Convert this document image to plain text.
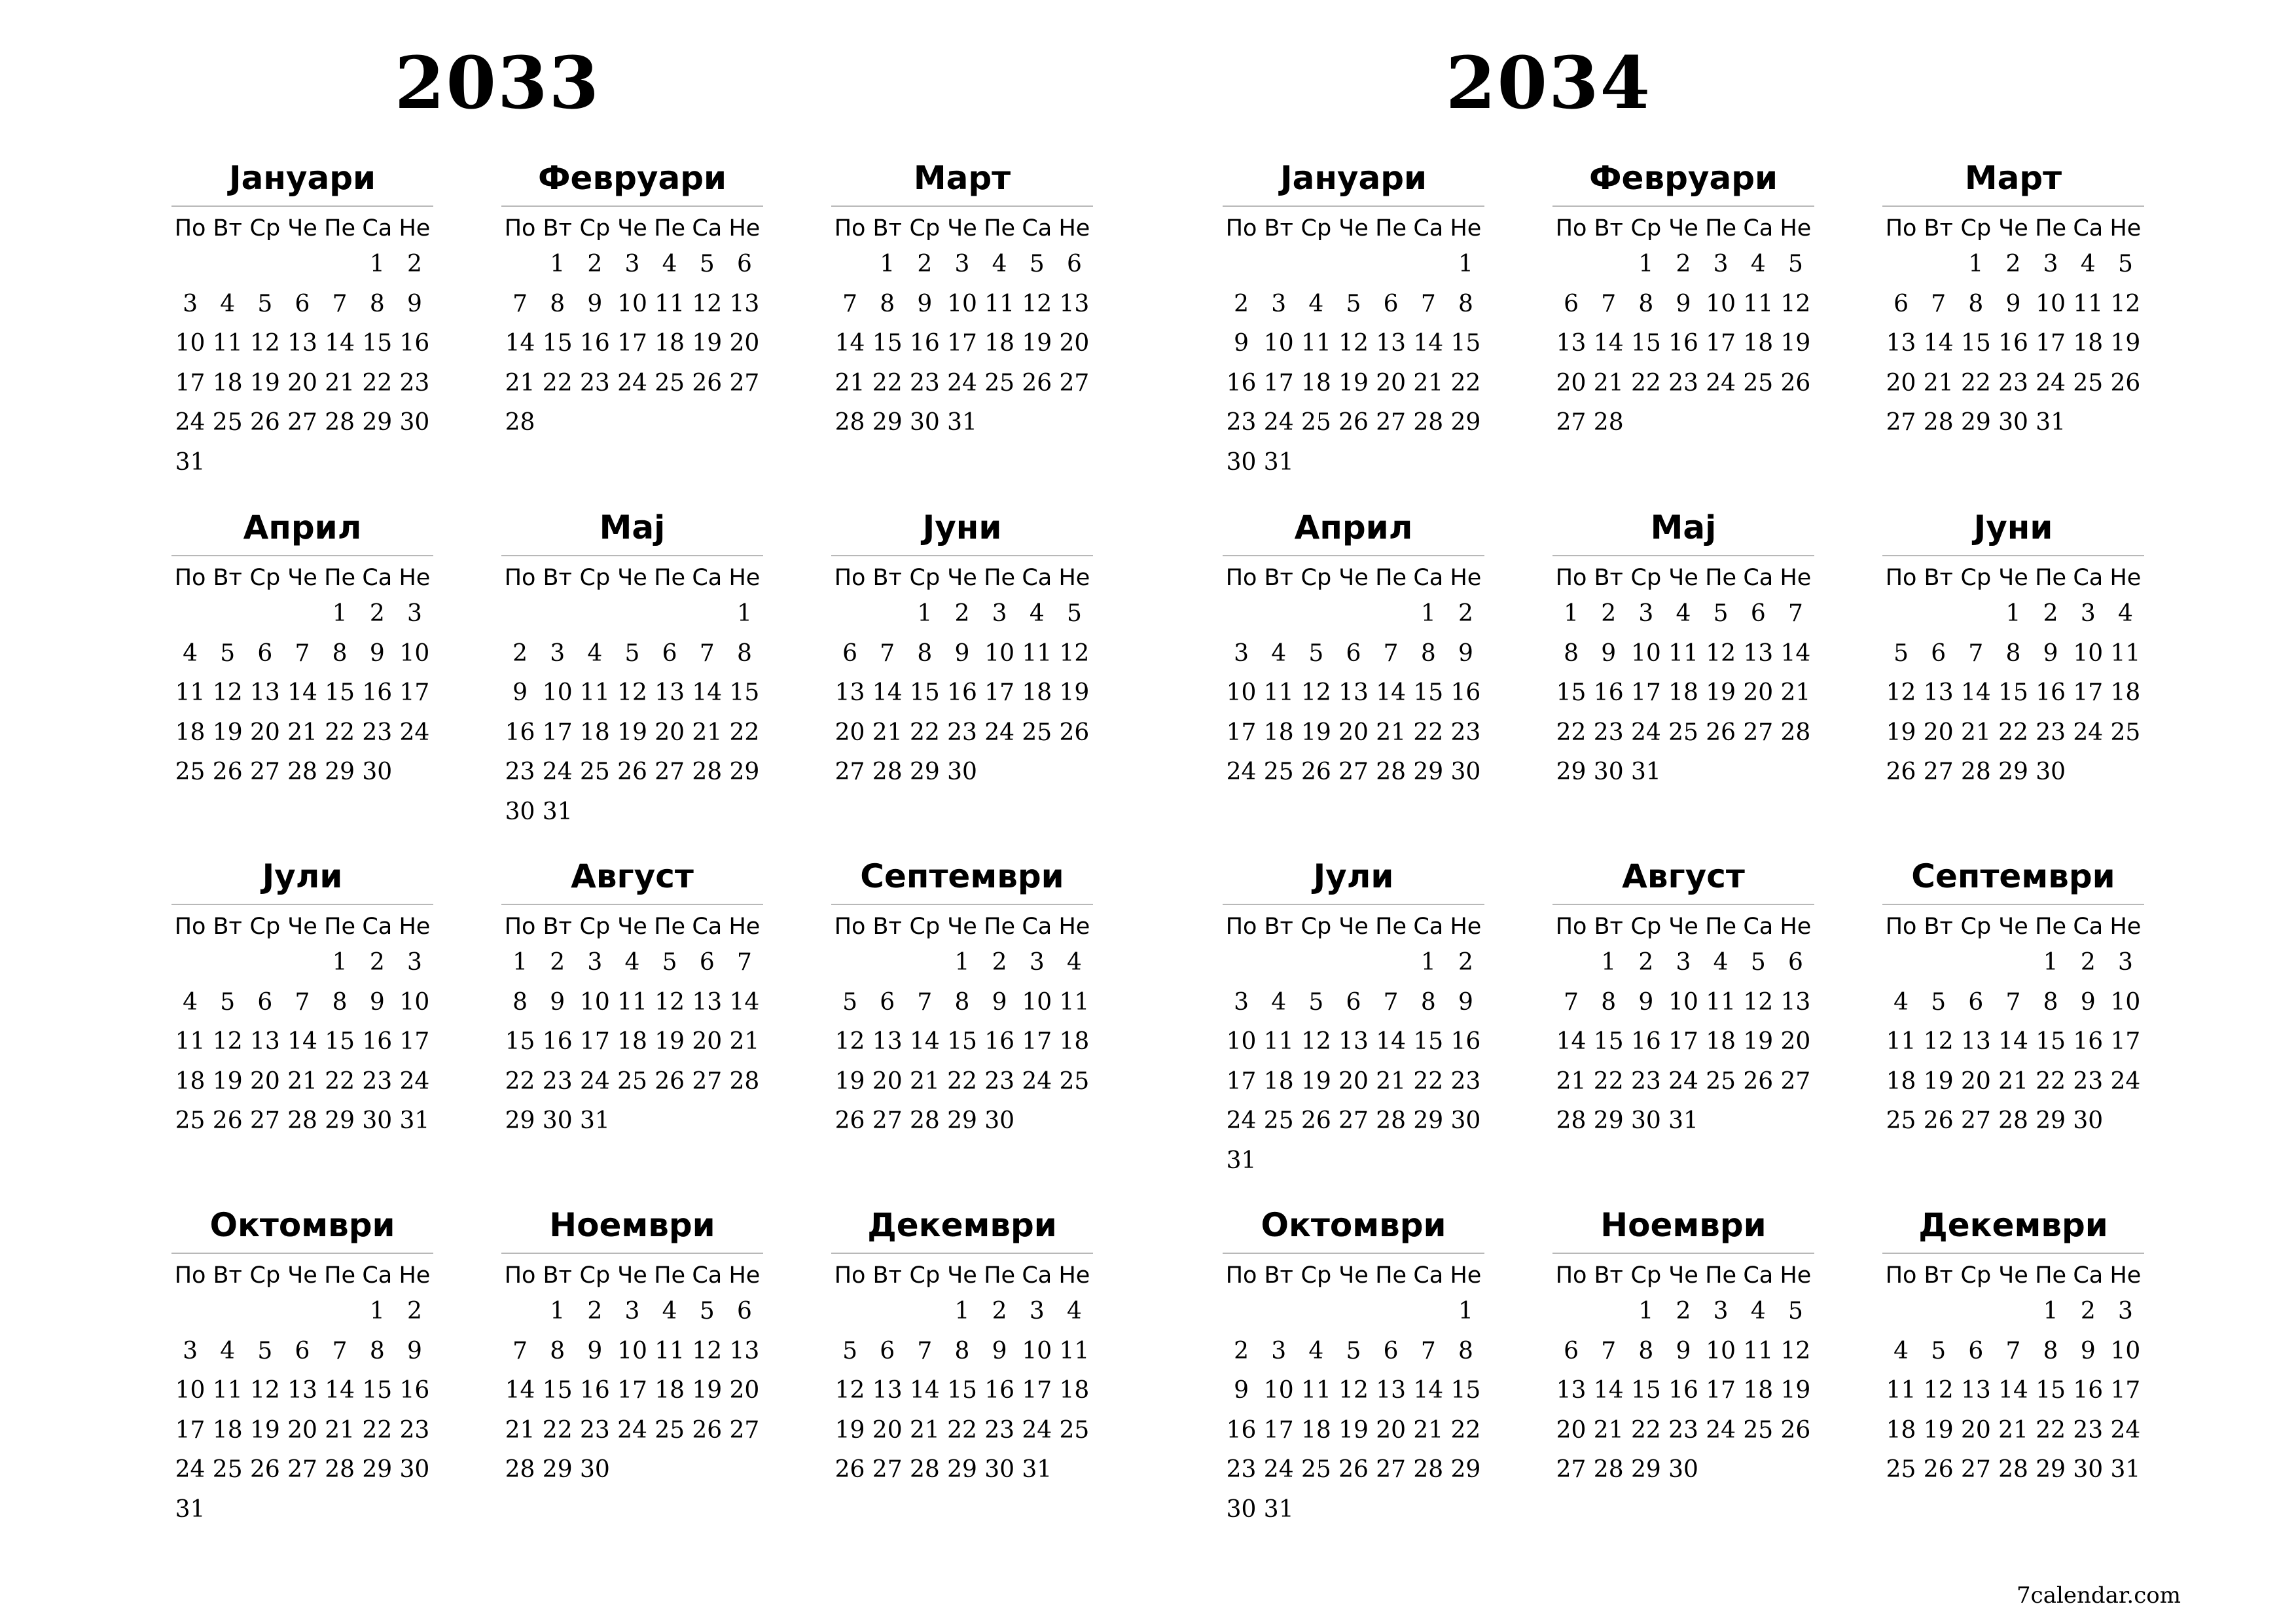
2033
Јануари
По Вт Ср Че Пе Са Не
1 2
3 4 5 6 7 8 9
10 11 12 13 14 15 16
17 18 19 20 21 22 23
24 25 26 27 28 29 30
31
Февруари
По Вт Ср Че Пе Са Не
1 2 3 4 5 6
7 8 9 10 11 12 13
14 15 16 17 18 19 20
21 22 23 24 25 26 27
28
Март
По Вт Ср Че Пе Са Не
1 2 3 4 5 6
7 8 9 10 11 12 13
14 15 16 17 18 19 20
21 22 23 24 25 26 27
28 29 30 31
Април
По Вт Ср Че Пе Са Не
1 2 3
4 5 6 7 8 9 10
11 12 13 14 15 16 17
18 19 20 21 22 23 24
25 26 27 28 29 30
Мај
По Вт Ср Че Пе Са Не
1
2 3 4 5 6 7 8
9 10 11 12 13 14 15
16 17 18 19 20 21 22
23 24 25 26 27 28 29
30 31
Јуни
По Вт Ср Че Пе Са Не
1 2 3 4 5
6 7 8 9 10 11 12
13 14 15 16 17 18 19
20 21 22 23 24 25 26
27 28 29 30
Јули
По Вт Ср Че Пе Са Не
1 2 3
4 5 6 7 8 9 10
11 12 13 14 15 16 17
18 19 20 21 22 23 24
25 26 27 28 29 30 31
Август
По Вт Ср Че Пе Са Не
1 2 3 4 5 6 7
8 9 10 11 12 13 14
15 16 17 18 19 20 21
22 23 24 25 26 27 28
29 30 31
Септември
По Вт Ср Че Пе Са Не
1 2 3 4
5 6 7 8 9 10 11
12 13 14 15 16 17 18
19 20 21 22 23 24 25
26 27 28 29 30
Октомври
По Вт Ср Че Пе Са Не
1 2
3 4 5 6 7 8 9
10 11 12 13 14 15 16
17 18 19 20 21 22 23
24 25 26 27 28 29 30
31
Ноември
По Вт Ср Че Пе Са Не
1 2 3 4 5 6
7 8 9 10 11 12 13
14 15 16 17 18 19 20
21 22 23 24 25 26 27
28 29 30
Декември
По Вт Ср Че Пе Са Не
1 2 3 4
5 6 7 8 9 10 11
12 13 14 15 16 17 18
19 20 21 22 23 24 25
26 27 28 29 30 31
2034
Јануари
По Вт Ср Че Пе Са Не
1
2 3 4 5 6 7 8
9 10 11 12 13 14 15
16 17 18 19 20 21 22
23 24 25 26 27 28 29
30 31
Февруари
По Вт Ср Че Пе Са Не
1 2 3 4 5
6 7 8 9 10 11 12
13 14 15 16 17 18 19
20 21 22 23 24 25 26
27 28
Март
По Вт Ср Че Пе Са Не
1 2 3 4 5
6 7 8 9 10 11 12
13 14 15 16 17 18 19
20 21 22 23 24 25 26
27 28 29 30 31
Април
По Вт Ср Че Пе Са Не
1 2
3 4 5 6 7 8 9
10 11 12 13 14 15 16
17 18 19 20 21 22 23
24 25 26 27 28 29 30
Мај
По Вт Ср Че Пе Са Не
1 2 3 4 5 6 7
8 9 10 11 12 13 14
15 16 17 18 19 20 21
22 23 24 25 26 27 28
29 30 31
Јуни
По Вт Ср Че Пе Са Не
1 2 3 4
5 6 7 8 9 10 11
12 13 14 15 16 17 18
19 20 21 22 23 24 25
26 27 28 29 30
Јули
По Вт Ср Че Пе Са Не
1 2
3 4 5 6 7 8 9
10 11 12 13 14 15 16
17 18 19 20 21 22 23
24 25 26 27 28 29 30
31
Август
По Вт Ср Че Пе Са Не
1 2 3 4 5 6
7 8 9 10 11 12 13
14 15 16 17 18 19 20
21 22 23 24 25 26 27
28 29 30 31
Септември
По Вт Ср Че Пе Са Не
1 2 3
4 5 6 7 8 9 10
11 12 13 14 15 16 17
18 19 20 21 22 23 24
25 26 27 28 29 30
Октомври
По Вт Ср Че Пе Са Не
1
2 3 4 5 6 7 8
9 10 11 12 13 14 15
16 17 18 19 20 21 22
23 24 25 26 27 28 29
30 31
Ноември
По Вт Ср Че Пе Са Не
1 2 3 4 5
6 7 8 9 10 11 12
13 14 15 16 17 18 19
20 21 22 23 24 25 26
27 28 29 30
Декември
По Вт Ср Че Пе Са Не
1 2 3
4 5 6 7 8 9 10
11 12 13 14 15 16 17
18 19 20 21 22 23 24
25 26 27 28 29 30 31
7calendar.com
